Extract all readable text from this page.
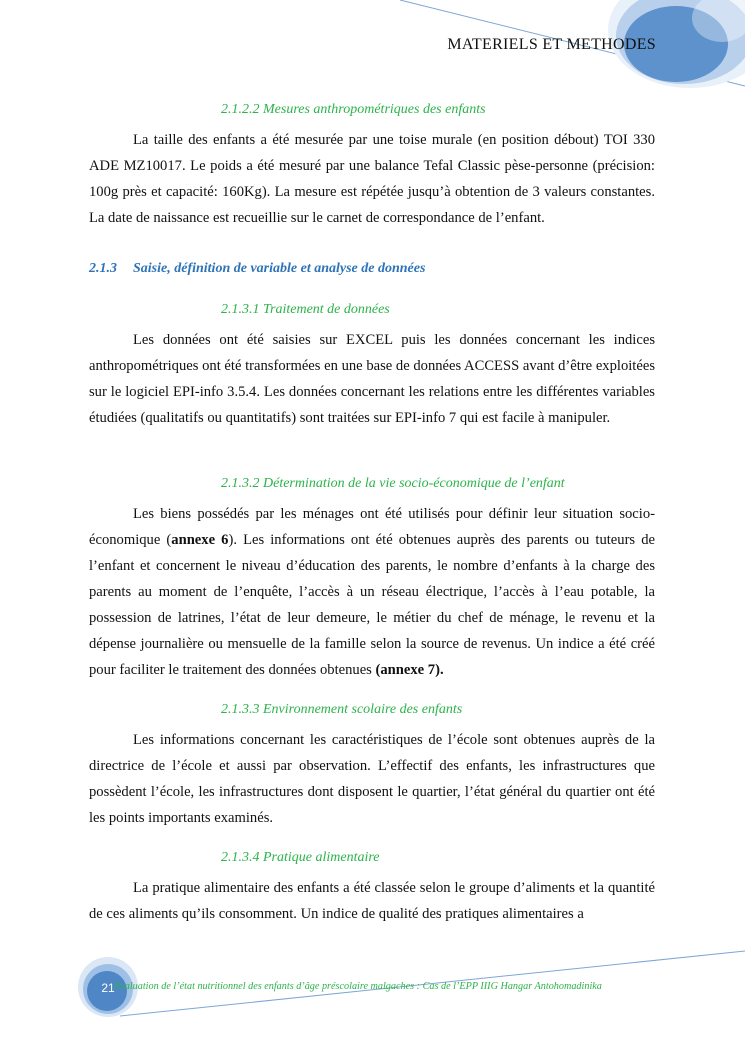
MATERIELS ET METHODES
2.1.2.2 Mesures anthropométriques des enfants
La taille des enfants a été mesurée par une toise murale (en position débout) TOI 330 ADE MZ10017. Le poids a été mesuré par une balance Tefal Classic pèse-personne (précision: 100g près et capacité: 160Kg). La mesure est répétée jusqu’à obtention de 3 valeurs constantes. La date de naissance est recueillie sur le carnet de correspondance de l’enfant.
2.1.3 Saisie, définition de variable et analyse de données
2.1.3.1 Traitement de données
Les données ont été saisies sur EXCEL puis les données concernant les indices anthropométriques ont été transformées en une base de données ACCESS avant d’être exploitées sur le logiciel EPI-info 3.5.4. Les données concernant les relations entre les différentes variables étudiées (qualitatifs ou quantitatifs) sont traitées sur EPI-info 7 qui est facile à manipuler.
2.1.3.2 Détermination de la vie socio-économique de l’enfant
Les biens possédés par les ménages ont été utilisés pour définir leur situation socio-économique (annexe 6). Les informations ont été obtenues auprès des parents ou tuteurs de l’enfant et concernent le niveau d’éducation des parents, le nombre d’enfants à la charge des parents au moment de l’enquête, l’accès à un réseau électrique, l’accès à l’eau potable, la possession de latrines, l’état de leur demeure, le métier du chef de ménage, le revenu et la dépense journalière ou mensuelle de la famille selon la source de revenus. Un indice a été créé pour faciliter le traitement des données obtenues (annexe 7).
2.1.3.3 Environnement scolaire des enfants
Les informations concernant les caractéristiques de l’école sont obtenues auprès de la directrice de l’école et aussi par observation. L’effectif des enfants, les infrastructures que possèdent l’école, les infrastructures dont disposent le quartier, l’état général du quartier ont été les points importants examinés.
2.1.3.4 Pratique alimentaire
La pratique alimentaire des enfants a été classée selon le groupe d’aliments et la quantité de ces aliments qu’ils consomment. Un indice de qualité des pratiques alimentaires a
21 Evaluation de l’état nutritionnel des enfants d’âge préscolaire malgaches : Cas de l’EPP IIIG Hangar Antohomadinika
